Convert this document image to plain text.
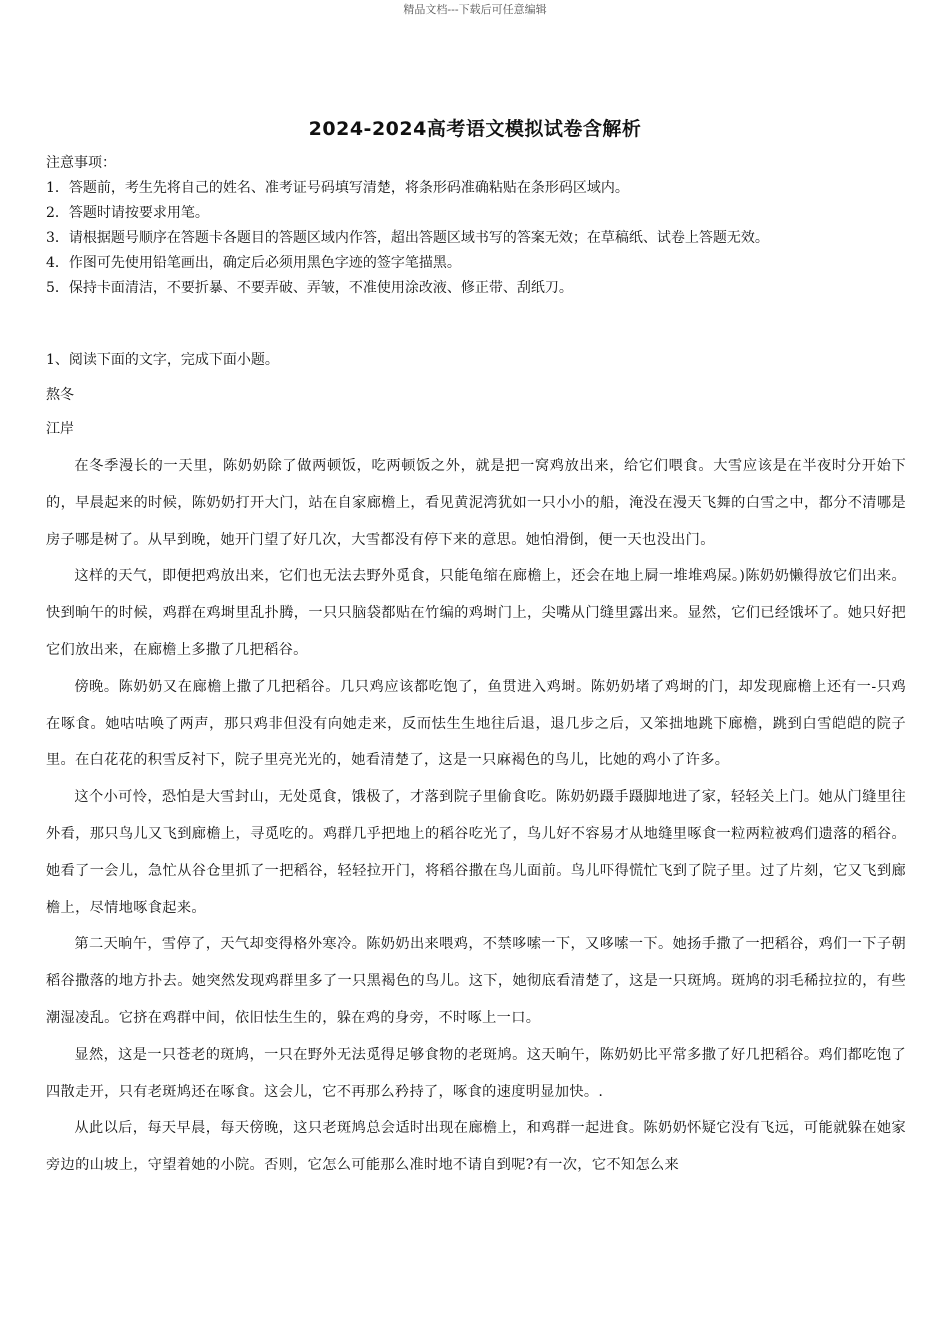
精品文档---下载后可任意编辑
2024-2024高考语文模拟试卷含解析
注意事项：
1．答题前，考生先将自己的姓名、准考证号码填写清楚，将条形码准确粘贴在条形码区域内。
2．答题时请按要求用笔。
3．请根据题号顺序在答题卡各题目的答题区域内作答，超出答题区域书写的答案无效；在草稿纸、试卷上答题无效。
4．作图可先使用铅笔画出，确定后必须用黑色字迹的签字笔描黑。
5．保持卡面清洁，不要折暴、不要弄破、弄皱，不准使用涂改液、修正带、刮纸刀。
1、阅读下面的文字，完成下面小题。
熬冬
江岸

在冬季漫长的一天里，陈奶奶除了做两顿饭，吃两顿饭之外，就是把一窝鸡放出来，给它们喂食。大雪应该是在半夜时分开始下的，早晨起来的时候，陈奶奶打开大门，站在自家廊檐上，看见黄泥湾犹如一只小小的船，淹没在漫天飞舞的白雪之中，都分不清哪是房子哪是树了。从早到晚，她开门望了好几次，大雪都没有停下来的意思。她怕滑倒，便一天也没出门。

这样的天气，即便把鸡放出来，它们也无法去野外觅食，只能龟缩在廊檐上，还会在地上屙一堆堆鸡屎。)陈奶奶懒得放它们出来。快到晌午的时候，鸡群在鸡埘里乱扑腾，一只只脑袋都贴在竹编的鸡埘门上，尖嘴从门缝里露出来。显然，它们已经饿坏了。她只好把它们放出来，在廊檐上多撒了几把稻谷。

傍晚。陈奶奶又在廊檐上撒了几把稻谷。几只鸡应该都吃饱了，鱼贯进入鸡埘。陈奶奶堵了鸡埘的门，却发现廊檐上还有一-只鸡在啄食。她咕咕唤了两声，那只鸡非但没有向她走来，反而怯生生地往后退，退几步之后，又笨拙地跳下廊檐，跳到白雪皑皑的院子里。在白花花的积雪反衬下，院子里亮光光的，她看清楚了，这是一只麻褐色的鸟儿，比她的鸡小了许多。

这个小可怜，恐怕是大雪封山，无处觅食，饿极了，才落到院子里偷食吃。陈奶奶蹑手蹑脚地进了家，轻轻关上门。她从门缝里往外看，那只鸟儿又飞到廊檐上，寻觅吃的。鸡群几乎把地上的稻谷吃光了，鸟儿好不容易才从地缝里啄食一粒两粒被鸡们遗落的稻谷。她看了一会儿，急忙从谷仓里抓了一把稻谷，轻轻拉开门，将稻谷撒在鸟儿面前。鸟儿吓得慌忙飞到了院子里。过了片刻，它又飞到廊檐上，尽情地啄食起来。

第二天晌午，雪停了，天气却变得格外寒冷。陈奶奶出来喂鸡，不禁哆嗦一下，又哆嗦一下。她扬手撒了一把稻谷，鸡们一下子朝稻谷撒落的地方扑去。她突然发现鸡群里多了一只黑褐色的鸟儿。这下，她彻底看清楚了，这是一只斑鸠。斑鸠的羽毛稀拉拉的，有些潮湿凌乱。它挤在鸡群中间，依旧怯生生的，躲在鸡的身旁，不时啄上一口。

显然，这是一只苍老的斑鸠，一只在野外无法觅得足够食物的老斑鸠。这天晌午，陈奶奶比平常多撒了好几把稻谷。鸡们都吃饱了四散走开，只有老斑鸠还在啄食。这会儿，它不再那么矜持了，啄食的速度明显加快。.

从此以后，每天早晨，每天傍晚，这只老斑鸠总会适时出现在廊檐上，和鸡群一起进食。陈奶奶怀疑它没有飞远，可能就躲在她家旁边的山坡上，守望着她的小院。否则，它怎么可能那么准时地不请自到呢?有一次，它不知怎么来
